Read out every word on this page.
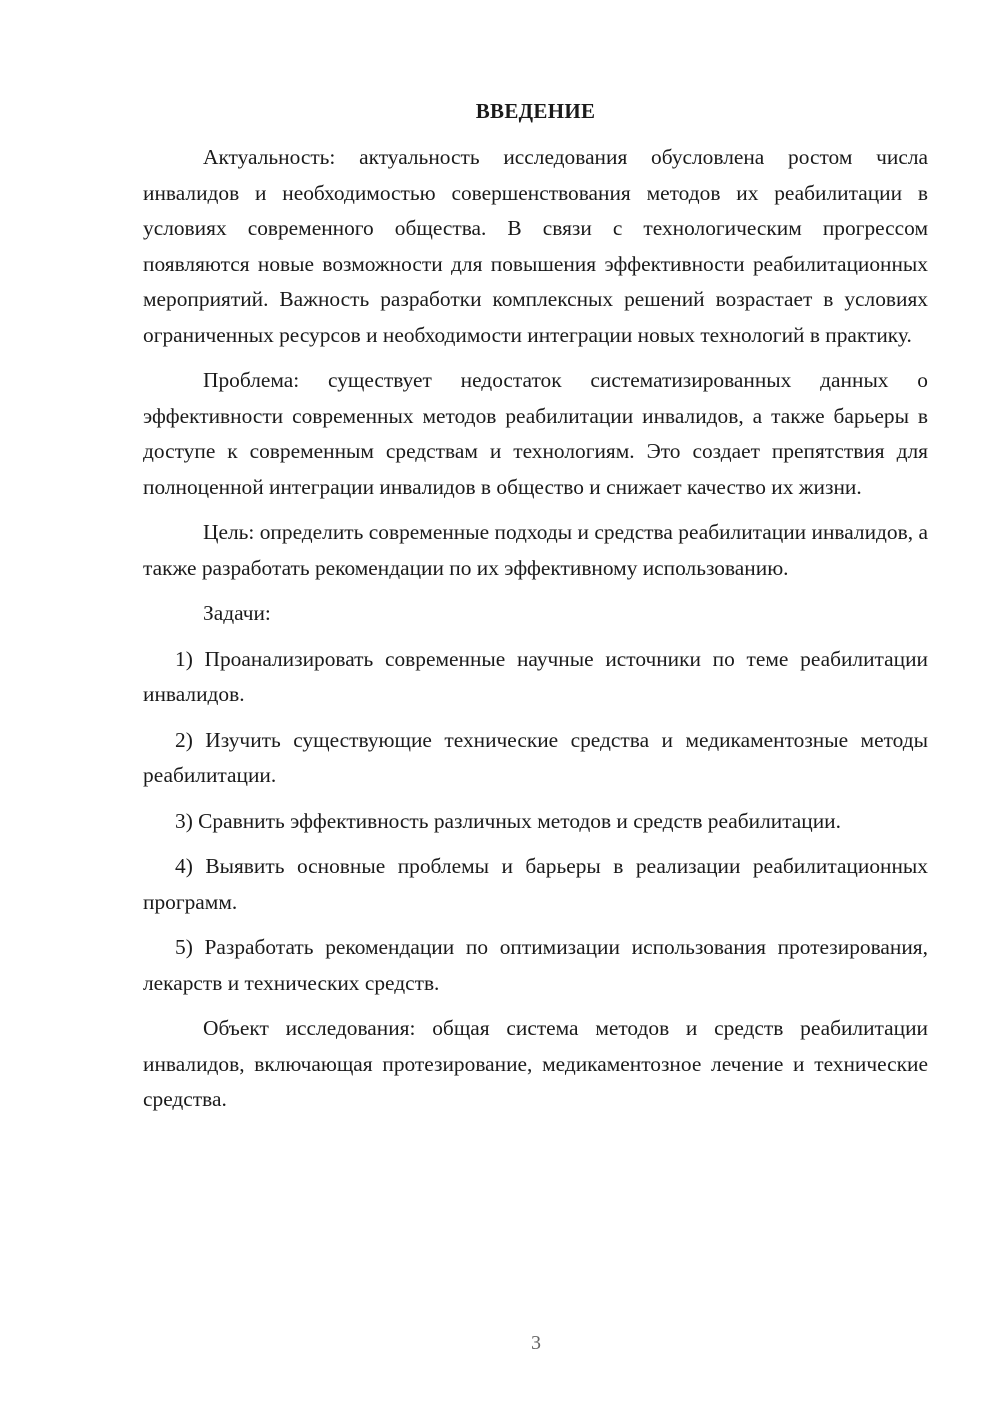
ВВЕДЕНИЕ

Актуальность: актуальность исследования обусловлена ростом числа инвалидов и необходимостью совершенствования методов их реабилитации в условиях современного общества. В связи с технологическим прогрессом появляются новые возможности для повышения эффективности реабилитационных мероприятий. Важность разработки комплексных решений возрастает в условиях ограниченных ресурсов и необходимости интеграции новых технологий в практику.

Проблема: существует недостаток систематизированных данных о эффективности современных методов реабилитации инвалидов, а также барьеры в доступе к современным средствам и технологиям. Это создает препятствия для полноценной интеграции инвалидов в общество и снижает качество их жизни.

Цель: определить современные подходы и средства реабилитации инвалидов, а также разработать рекомендации по их эффективному использованию.

Задачи:

1) Проанализировать современные научные источники по теме реабилитации инвалидов.

2) Изучить существующие технические средства и медикаментозные методы реабилитации.

3) Сравнить эффективность различных методов и средств реабилитации.

4) Выявить основные проблемы и барьеры в реализации реабилитационных программ.

5) Разработать рекомендации по оптимизации использования протезирования, лекарств и технических средств.

Объект исследования: общая система методов и средств реабилитации инвалидов, включающая протезирование, медикаментозное лечение и технические средства.

3
